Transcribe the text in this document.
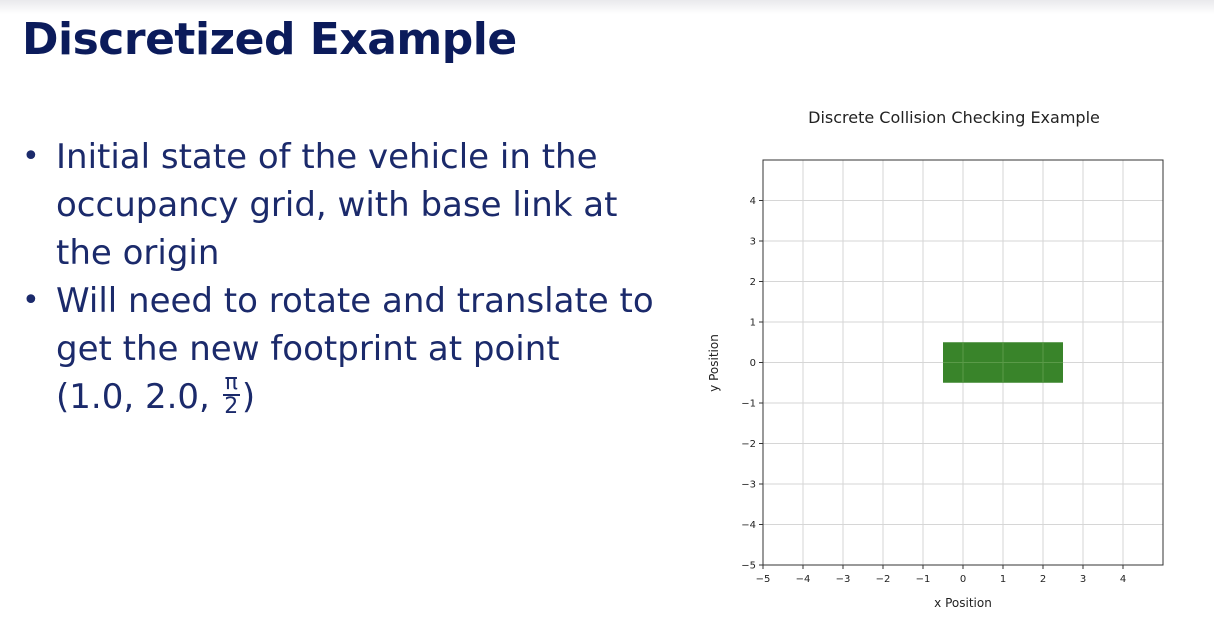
Discretized Example
• Initial state of the vehicle in the
occupancy grid, with base link at
the origin
• Will need to rotate and translate to
get the new footprint at point
(1.0, 2.0, $\frac{\pi}{2}$ )
Discrete Collision Checking Example
−5	−4	−3	−2	−1	0	1	2	3	4
−5
−4
−3
−2
−1
0
1
2
3
4
x Position
y Position
